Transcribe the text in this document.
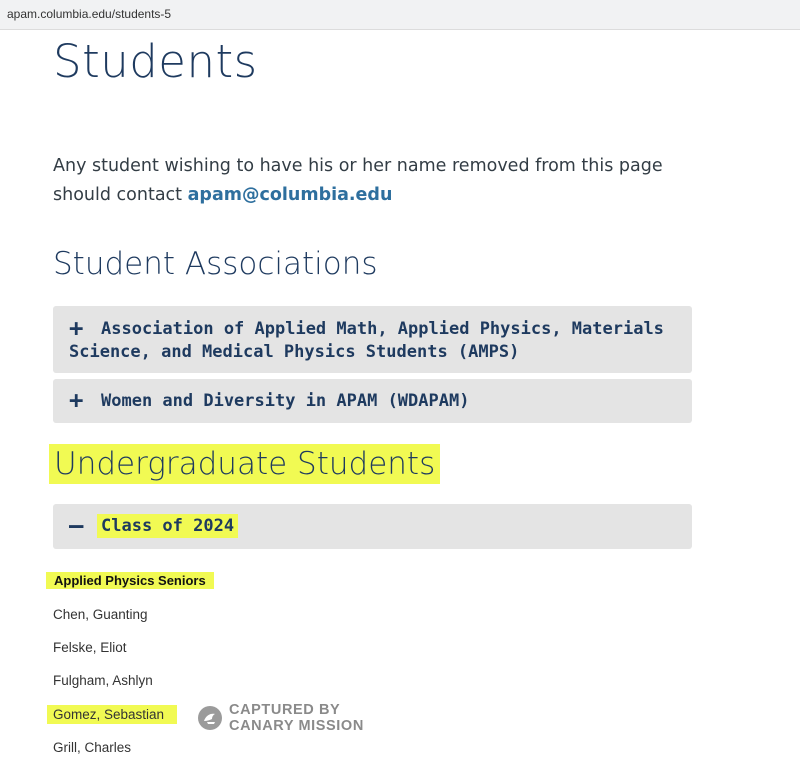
apam.columbia.edu/students-5
Students
Any student wishing to have his or her name removed from this page should contact apam@columbia.edu
Student Associations
+ Association of Applied Math, Applied Physics, Materials Science, and Medical Physics Students (AMPS)
+ Women and Diversity in APAM (WDAPAM)
Undergraduate Students
— Class of 2024
Applied Physics Seniors
Chen, Guanting
Felske, Eliot
Fulgham, Ashlyn
Gomez, Sebastian
Grill, Charles
CAPTURED BY
CANARY MISSION
